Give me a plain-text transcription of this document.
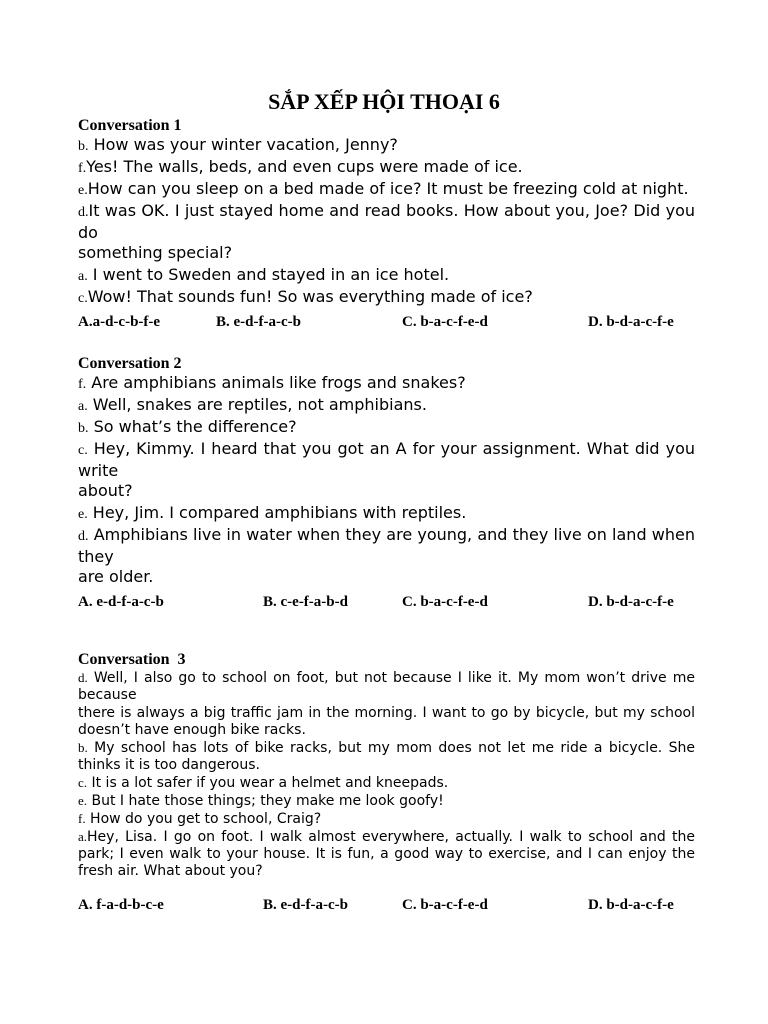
SẮP XẾP HỘI THOẠI 6
Conversation 1
b. How was your winter vacation, Jenny?
f.Yes! The walls, beds, and even cups were made of ice.
e.How can you sleep on a bed made of ice? It must be freezing cold at night.
d.It was OK. I just stayed home and read books. How about you, Joe? Did you do
something special?
a. I went to Sweden and stayed in an ice hotel.
c.Wow! That sounds fun! So was everything made of ice?
A.a-d-c-b-f-e	B. e-d-f-a-c-b	C. b-a-c-f-e-d	D. b-d-a-c-f-e
Conversation 2
f. Are amphibians animals like frogs and snakes?
a. Well, snakes are reptiles, not amphibians.
b. So what’s the difference?
c. Hey, Kimmy. I heard that you got an A for your assignment. What did you write
about?
e. Hey, Jim. I compared amphibians with reptiles.
d. Amphibians live in water when they are young, and they live on land when they
are older.
A. e-d-f-a-c-b	B. c-e-f-a-b-d	C. b-a-c-f-e-d	D. b-d-a-c-f-e
Conversation  3
d. Well, I also go to school on foot, but not because I like it. My mom won’t drive me because
there is always a big traffic jam in the morning. I want to go by bicycle, but my school doesn’t have enough bike racks.
b. My school has lots of bike racks, but my mom does not let me ride a bicycle. She thinks it is too dangerous.
c. It is a lot safer if you wear a helmet and kneepads.
e. But I hate those things; they make me look goofy!
f. How do you get to school, Craig?
a.Hey, Lisa. I go on foot. I walk almost everywhere, actually. I walk to school and the park; I even walk to your house. It is fun, a good way to exercise, and I can enjoy the fresh air. What about you?
A. f-a-d-b-c-e	B. e-d-f-a-c-b	C. b-a-c-f-e-d	D. b-d-a-c-f-e
